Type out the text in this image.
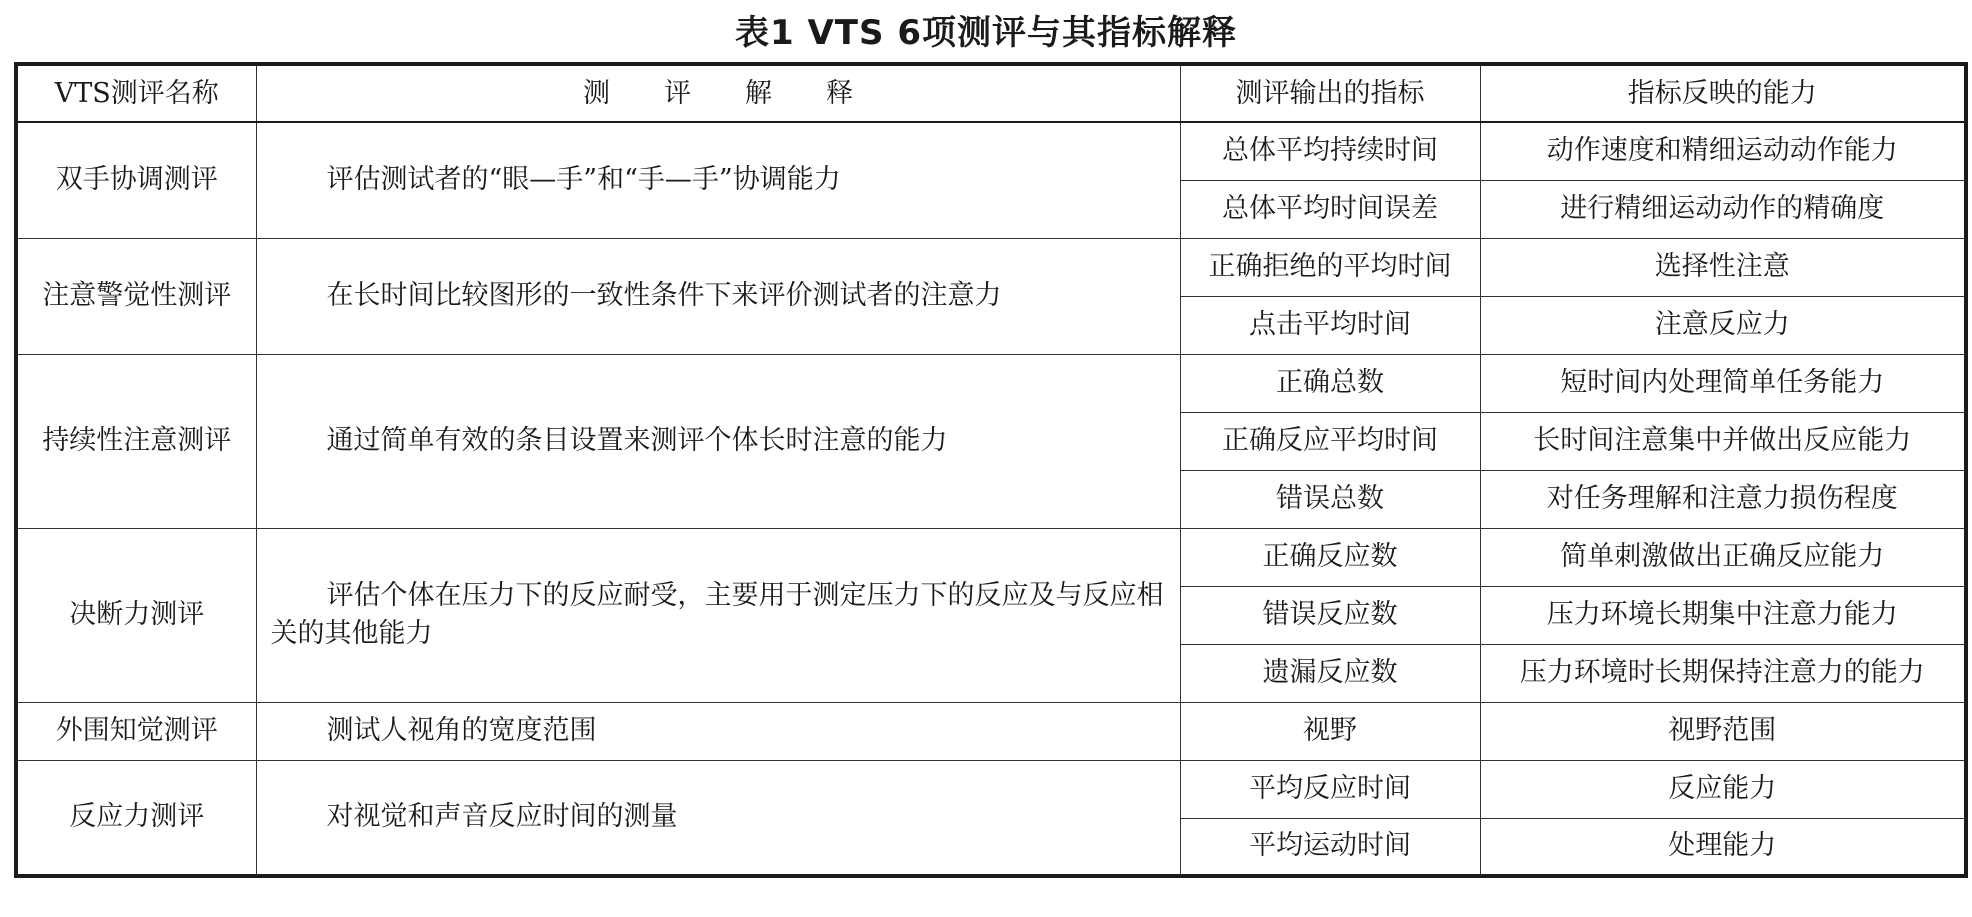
表1 VTS 6项测评与其指标解释
VTS测评名称	测　　评　　解　　释	测评输出的指标	指标反映的能力
双手协调测评	评估测试者的“眼—手”和“手—手”协调能力	总体平均持续时间	动作速度和精细运动动作能力
		总体平均时间误差	进行精细运动动作的精确度
注意警觉性测评	在长时间比较图形的一致性条件下来评价测试者的注意力	正确拒绝的平均时间	选择性注意
		点击平均时间	注意反应力
持续性注意测评	通过简单有效的条目设置来测评个体长时注意的能力	正确总数	短时间内处理简单任务能力
		正确反应平均时间	长时间注意集中并做出反应能力
		错误总数	对任务理解和注意力损伤程度
决断力测评	评估个体在压力下的反应耐受，主要用于测定压力下的反应及与反应相关的其他能力	正确反应数	简单刺激做出正确反应能力
		错误反应数	压力环境长期集中注意力能力
		遗漏反应数	压力环境时长期保持注意力的能力
外围知觉测评	测试人视角的宽度范围	视野	视野范围
反应力测评	对视觉和声音反应时间的测量	平均反应时间	反应能力
		平均运动时间	处理能力
